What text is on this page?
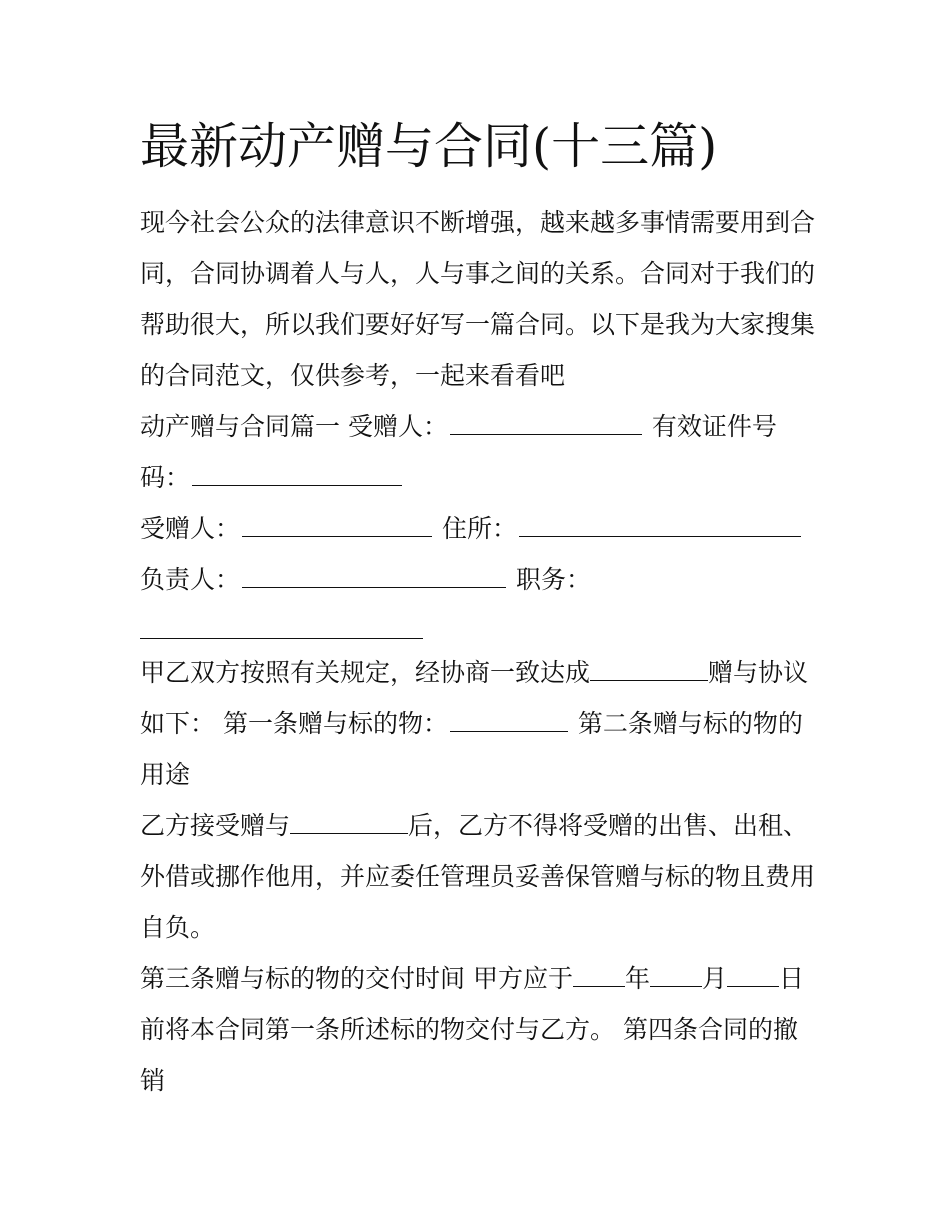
最新动产赠与合同(十三篇)
现今社会公众的法律意识不断增强，越来越多事情需要用到合
同，合同协调着人与人，人与事之间的关系。合同对于我们的
帮助很大，所以我们要好好写一篇合同。以下是我为大家搜集
的合同范文，仅供参考，一起来看看吧
动产赠与合同篇一 受赠人：	有效证件号
码：
受赠人：	住所：
负责人：	职务：
甲乙双方按照有关规定，经协商一致达成	赠与协议
如下： 第一条赠与标的物：	第二条赠与标的物的
用途
乙方接受赠与	后，乙方不得将受赠的出售、出租、
外借或挪作他用，并应委任管理员妥善保管赠与标的物且费用
自负。
第三条赠与标的物的交付时间 甲方应于 年 月 日
前将本合同第一条所述标的物交付与乙方。 第四条合同的撤
销
